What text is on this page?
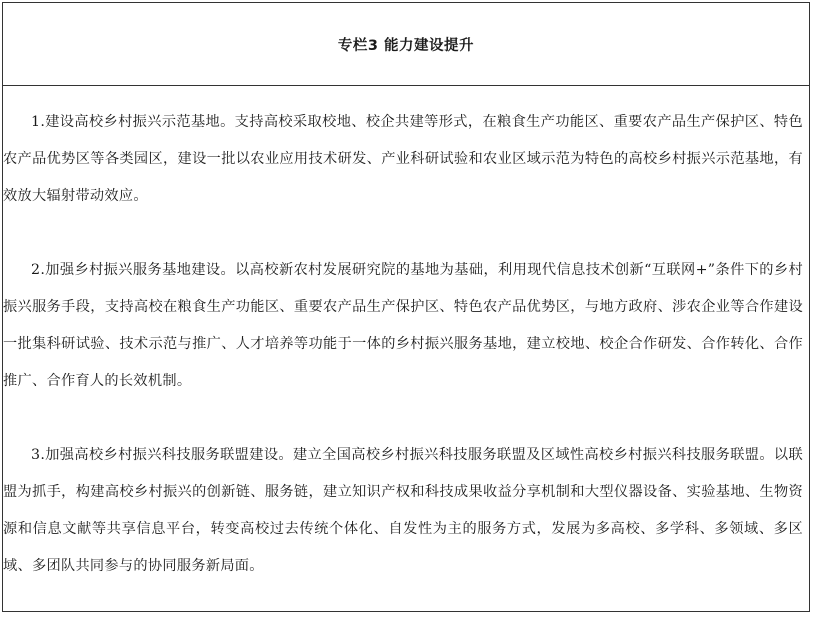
专栏3 能力建设提升

1.建设高校乡村振兴示范基地。支持高校采取校地、校企共建等形式，在粮食生产功能区、重要农产品生产保护区、特色农产品优势区等各类园区，建设一批以农业应用技术研发、产业科研试验和农业区域示范为特色的高校乡村振兴示范基地，有效放大辐射带动效应。

2.加强乡村振兴服务基地建设。以高校新农村发展研究院的基地为基础，利用现代信息技术创新“互联网+”条件下的乡村振兴服务手段，支持高校在粮食生产功能区、重要农产品生产保护区、特色农产品优势区，与地方政府、涉农企业等合作建设一批集科研试验、技术示范与推广、人才培养等功能于一体的乡村振兴服务基地，建立校地、校企合作研发、合作转化、合作推广、合作育人的长效机制。

3.加强高校乡村振兴科技服务联盟建设。建立全国高校乡村振兴科技服务联盟及区域性高校乡村振兴科技服务联盟。以联盟为抓手，构建高校乡村振兴的创新链、服务链，建立知识产权和科技成果收益分享机制和大型仪器设备、实验基地、生物资源和信息文献等共享信息平台，转变高校过去传统个体化、自发性为主的服务方式，发展为多高校、多学科、多领域、多区域、多团队共同参与的协同服务新局面。
